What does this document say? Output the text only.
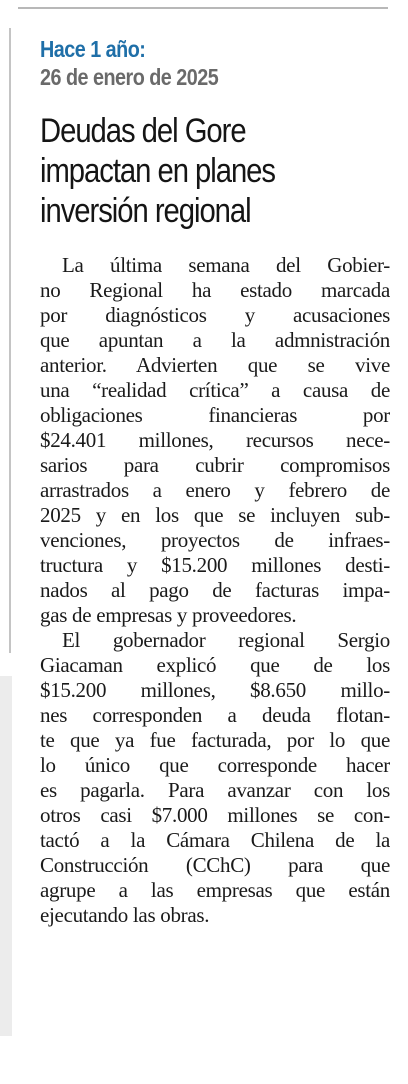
Hace 1 año:
26 de enero de 2025
Deudas del Gore
impactan en planes
inversión regional
La última semana del Gobier-
no Regional ha estado marcada
por diagnósticos y acusaciones
que apuntan a la admnistración
anterior. Advierten que se vive
una “realidad crítica” a causa de
obligaciones financieras por
$24.401 millones, recursos nece-
sarios para cubrir compromisos
arrastrados a enero y febrero de
2025 y en los que se incluyen sub-
venciones, proyectos de infraes-
tructura y $15.200 millones desti-
nados al pago de facturas impa-
gas de empresas y proveedores.
El gobernador regional Sergio
Giacaman explicó que de los
$15.200 millones, $8.650 millo-
nes corresponden a deuda flotan-
te que ya fue facturada, por lo que
lo único que corresponde hacer
es pagarla. Para avanzar con los
otros casi $7.000 millones se con-
tactó a la Cámara Chilena de la
Construcción (CChC) para que
agrupe a las empresas que están
ejecutando las obras.
